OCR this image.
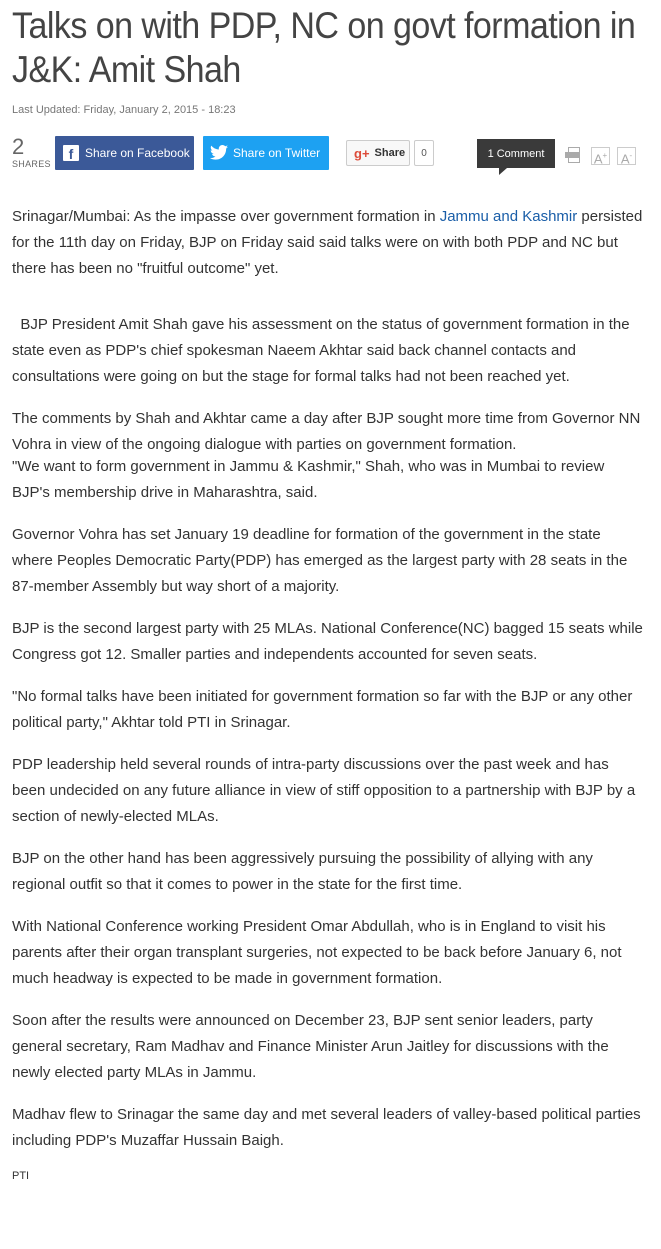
Talks on with PDP, NC on govt formation in J&K: Amit Shah
Last Updated: Friday, January 2, 2015 - 18:23
2
SHARES
f Share on Facebook	Share on Twitter	g+ Share	0	1 Comment	A+ A-

Srinagar/Mumbai: As the impasse over government formation in Jammu and Kashmir persisted for the 11th day on Friday, BJP on Friday said said talks were on with both PDP and NC but there has been no "fruitful outcome" yet.

BJP President Amit Shah gave his assessment on the status of government formation in the state even as PDP's chief spokesman Naeem Akhtar said back channel contacts and consultations were going on but the stage for formal talks had not been reached yet.

The comments by Shah and Akhtar came a day after BJP sought more time from Governor NN Vohra in view of the ongoing dialogue with parties on government formation.

"We want to form government in Jammu & Kashmir," Shah, who was in Mumbai to review BJP's membership drive in Maharashtra, said.

Governor Vohra has set January 19 deadline for formation of the government in the state where Peoples Democratic Party(PDP) has emerged as the largest party with 28 seats in the 87-member Assembly but way short of a majority.

BJP is the second largest party with 25 MLAs. National Conference(NC) bagged 15 seats while Congress got 12. Smaller parties and independents accounted for seven seats.

"No formal talks have been initiated for government formation so far with the BJP or any other political party," Akhtar told PTI in Srinagar.

PDP leadership held several rounds of intra-party discussions over the past week and has been undecided on any future alliance in view of stiff opposition to a partnership with BJP by a section of newly-elected MLAs.

BJP on the other hand has been aggressively pursuing the possibility of allying with any regional outfit so that it comes to power in the state for the first time.

With National Conference working President Omar Abdullah, who is in England to visit his parents after their organ transplant surgeries, not expected to be back before January 6, not much headway is expected to be made in government formation.

Soon after the results were announced on December 23, BJP sent senior leaders, party general secretary, Ram Madhav and Finance Minister Arun Jaitley for discussions with the newly elected party MLAs in Jammu.

Madhav flew to Srinagar the same day and met several leaders of valley-based political parties including PDP's Muzaffar Hussain Baigh.

PTI
